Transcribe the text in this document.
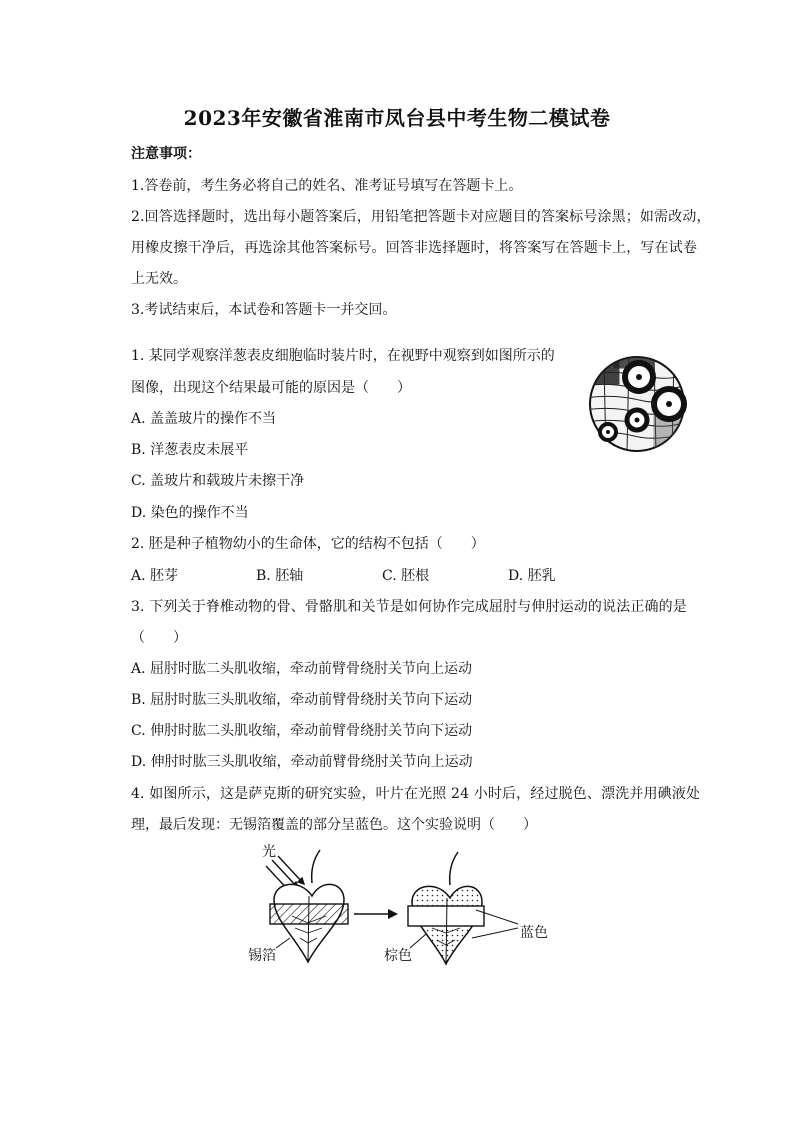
2023年安徽省淮南市凤台县中考生物二模试卷
注意事项：
1.答卷前，考生务必将自己的姓名、准考证号填写在答题卡上。
2.回答选择题时，选出每小题答案后，用铅笔把答题卡对应题目的答案标号涂黑；如需改动，
用橡皮擦干净后，再选涂其他答案标号。回答非选择题时，将答案写在答题卡上，写在试卷
上无效。
3.考试结束后，本试卷和答题卡一并交回。
1. 某同学观察洋葱表皮细胞临时装片时，在视野中观察到如图所示的
图像，出现这个结果最可能的原因是（　　）
A. 盖盖玻片的操作不当
B. 洋葱表皮未展平
C. 盖玻片和载玻片未擦干净
D. 染色的操作不当
2. 胚是种子植物幼小的生命体，它的结构不包括（　　）
A. 胚芽	B. 胚轴	C. 胚根	D. 胚乳
3. 下列关于脊椎动物的骨、骨骼肌和关节是如何协作完成屈肘与伸肘运动的说法正确的是
（　　）
A. 屈肘时肱二头肌收缩，牵动前臂骨绕肘关节向上运动
B. 屈肘时肱三头肌收缩，牵动前臂骨绕肘关节向下运动
C. 伸肘时肱二头肌收缩，牵动前臂骨绕肘关节向下运动
D. 伸肘时肱三头肌收缩，牵动前臂骨绕肘关节向上运动
4. 如图所示，这是萨克斯的研究实验，叶片在光照 24 小时后，经过脱色、漂洗并用碘液处
理，最后发现：无锡箔覆盖的部分呈蓝色。这个实验说明（　　）
光
锡箔	棕色
蓝色
